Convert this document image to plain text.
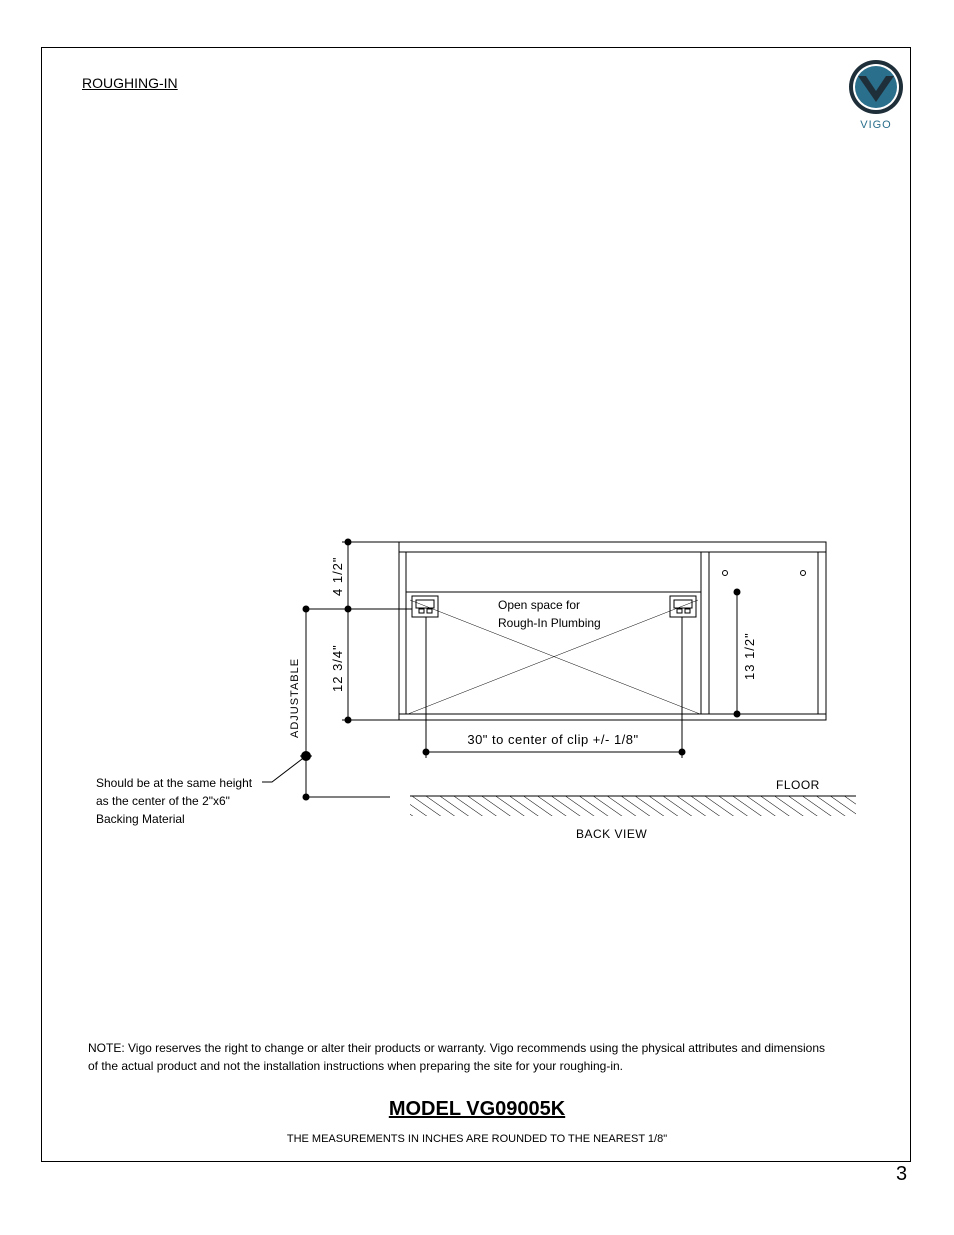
ROUGHING-IN
VIGO
4 1/2"
12 3/4"	13 1/2"
ADJUSTABLE
30" to center of clip +/- 1/8"
FLOOR
BACK VIEW
Open space for
Rough-In Plumbing
Should be at the same height
as the center of the 2"x6"
Backing Material
NOTE: Vigo reserves the right to change or alter their products or warranty. Vigo recommends using the physical attributes and dimensions
of the actual product and not the installation instructions when preparing the site for your roughing-in.
MODEL VG09005K
THE MEASUREMENTS IN INCHES ARE ROUNDED TO THE NEAREST 1/8"
3
